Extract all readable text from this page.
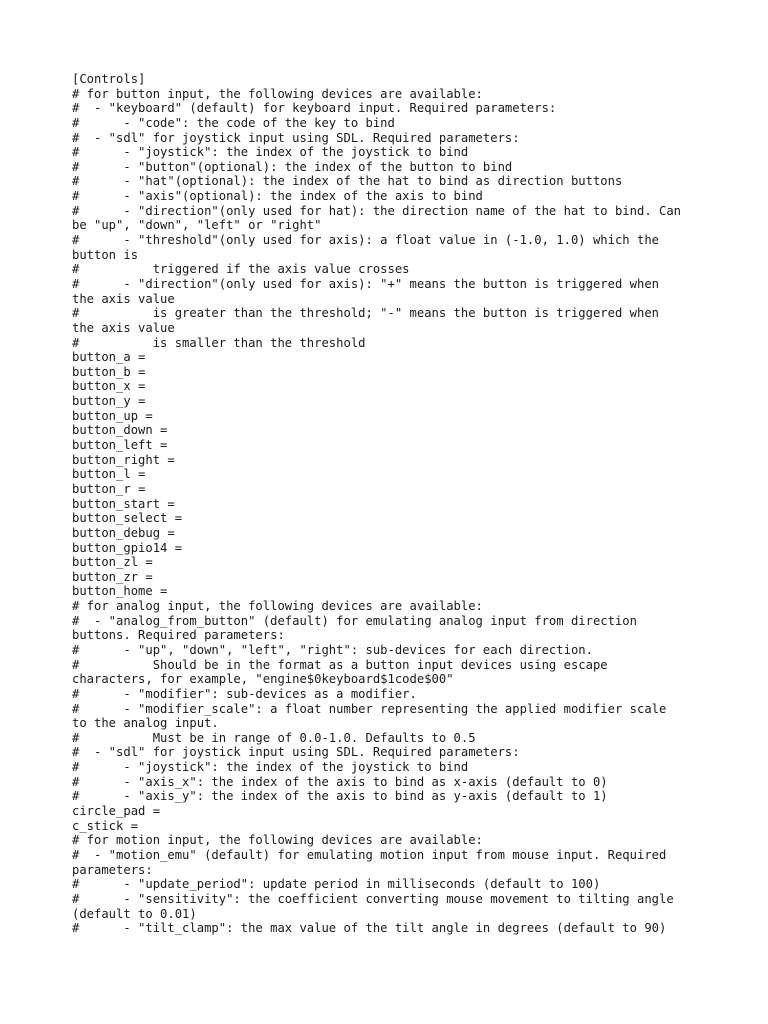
[Controls]
# for button input, the following devices are available:
#  - "keyboard" (default) for keyboard input. Required parameters:
#      - "code": the code of the key to bind
#  - "sdl" for joystick input using SDL. Required parameters:
#      - "joystick": the index of the joystick to bind
#      - "button"(optional): the index of the button to bind
#      - "hat"(optional): the index of the hat to bind as direction buttons
#      - "axis"(optional): the index of the axis to bind
#      - "direction"(only used for hat): the direction name of the hat to bind. Can
be "up", "down", "left" or "right"
#      - "threshold"(only used for axis): a float value in (-1.0, 1.0) which the
button is
#          triggered if the axis value crosses
#      - "direction"(only used for axis): "+" means the button is triggered when
the axis value
#          is greater than the threshold; "-" means the button is triggered when
the axis value
#          is smaller than the threshold
button_a =
button_b =
button_x =
button_y =
button_up =
button_down =
button_left =
button_right =
button_l =
button_r =
button_start =
button_select =
button_debug =
button_gpio14 =
button_zl =
button_zr =
button_home =
# for analog input, the following devices are available:
#  - "analog_from_button" (default) for emulating analog input from direction
buttons. Required parameters:
#      - "up", "down", "left", "right": sub-devices for each direction.
#          Should be in the format as a button input devices using escape
characters, for example, "engine$0keyboard$1code$00"
#      - "modifier": sub-devices as a modifier.
#      - "modifier_scale": a float number representing the applied modifier scale
to the analog input.
#          Must be in range of 0.0-1.0. Defaults to 0.5
#  - "sdl" for joystick input using SDL. Required parameters:
#      - "joystick": the index of the joystick to bind
#      - "axis_x": the index of the axis to bind as x-axis (default to 0)
#      - "axis_y": the index of the axis to bind as y-axis (default to 1)
circle_pad =
c_stick =
# for motion input, the following devices are available:
#  - "motion_emu" (default) for emulating motion input from mouse input. Required
parameters:
#      - "update_period": update period in milliseconds (default to 100)
#      - "sensitivity": the coefficient converting mouse movement to tilting angle
(default to 0.01)
#      - "tilt_clamp": the max value of the tilt angle in degrees (default to 90)
